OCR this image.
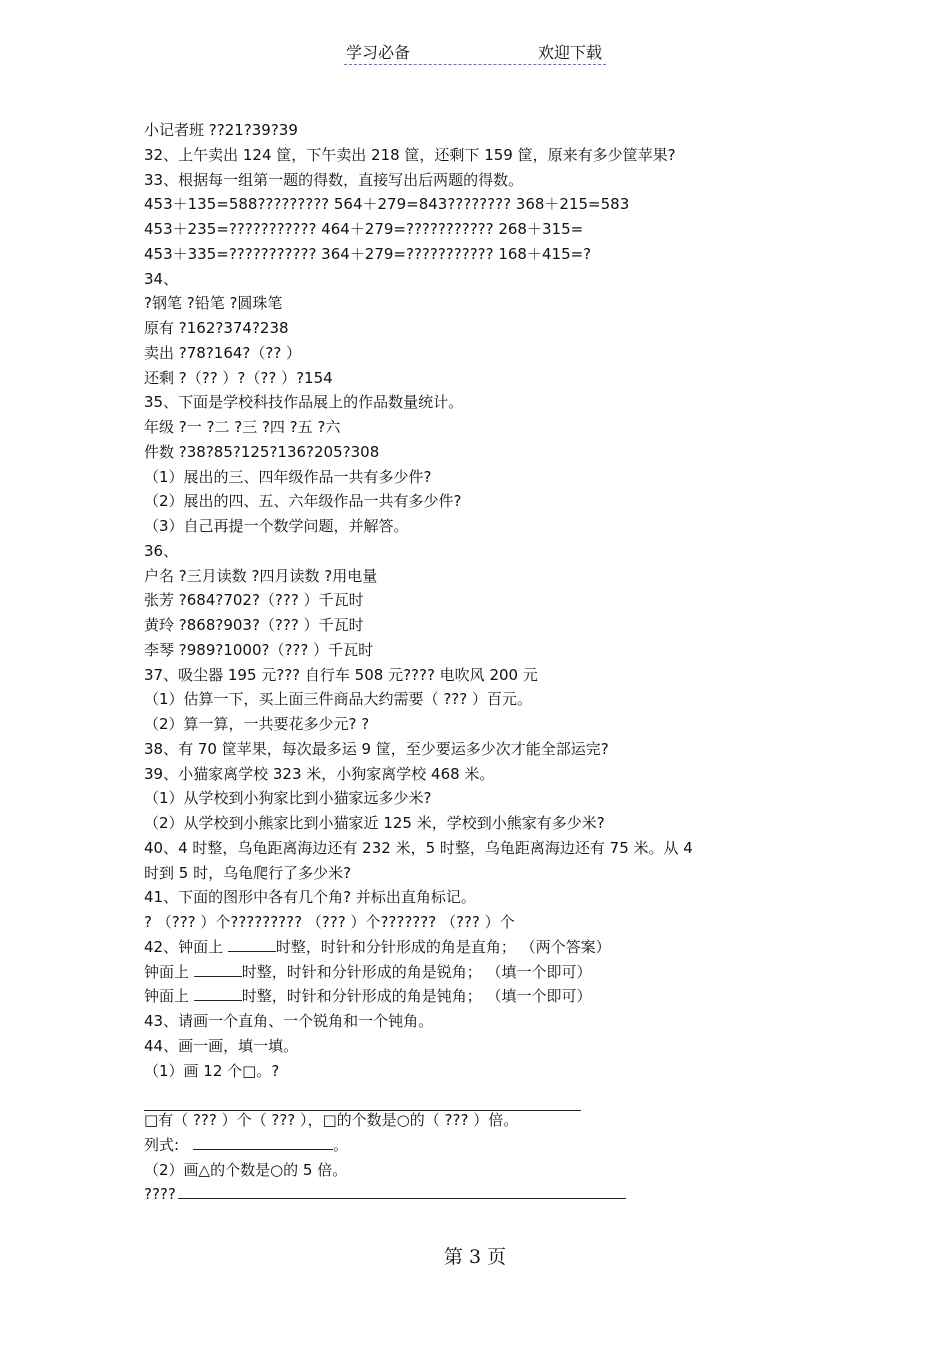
学习必备	欢迎下载
小记者班 ??21?39?39
32、上午卖出 124 筐，下午卖出 218 筐，还剩下 159 筐，原来有多少筐苹果?
33、根据每一组第一题的得数，直接写出后两题的得数。
453＋135=588????????? 564＋279=843???????? 368＋215=583
453＋235=??????????? 464＋279=??????????? 268＋315=
453＋335=??????????? 364＋279=??????????? 168＋415=?
34、
?钢笔 ?铅笔 ?圆珠笔
原有 ?162?374?238
卖出 ?78?164?（?? ）
还剩 ?（?? ）?（?? ）?154
35、下面是学校科技作品展上的作品数量统计。
年级 ?一 ?二 ?三 ?四 ?五 ?六
件数 ?38?85?125?136?205?308
（1）展出的三、四年级作品一共有多少件?
（2）展出的四、五、六年级作品一共有多少件?
（3）自己再提一个数学问题，并解答。
36、
户名 ?三月读数 ?四月读数 ?用电量
张芳 ?684?702?（??? ）千瓦时
黄玲 ?868?903?（??? ）千瓦时
李琴 ?989?1000?（??? ）千瓦时
37、吸尘器 195 元??? 自行车 508 元???? 电吹风 200 元
（1）估算一下，买上面三件商品大约需要（ ??? ）百元。
（2）算一算，一共要花多少元? ?
38、有 70 筐苹果，每次最多运 9 筐，至少要运多少次才能全部运完?
39、小猫家离学校 323 米，小狗家离学校 468 米。
（1）从学校到小狗家比到小猫家远多少米?
（2）从学校到小熊家比到小猫家近 125 米，学校到小熊家有多少米?
40、4 时整，乌龟距离海边还有 232 米，5 时整，乌龟距离海边还有 75 米。从 4
时到 5 时，乌龟爬行了多少米?
41、下面的图形中各有几个角? 并标出直角标记。
? （??? ）个????????? （??? ）个??????? （??? ）个
42、钟面上	时整，时针和分针形成的角是直角； （两个答案）
钟面上	时整，时针和分针形成的角是锐角； （填一个即可）
钟面上	时整，时针和分针形成的角是钝角； （填一个即可）
43、请画一个直角、一个锐角和一个钝角。
44、画一画，填一填。
（1）画 12 个□。?
□有（ ??? ）个（ ??? ），□的个数是○的（ ??? ）倍。
列式:	。
（2）画△的个数是○的 5 倍。
????
第 3 页
